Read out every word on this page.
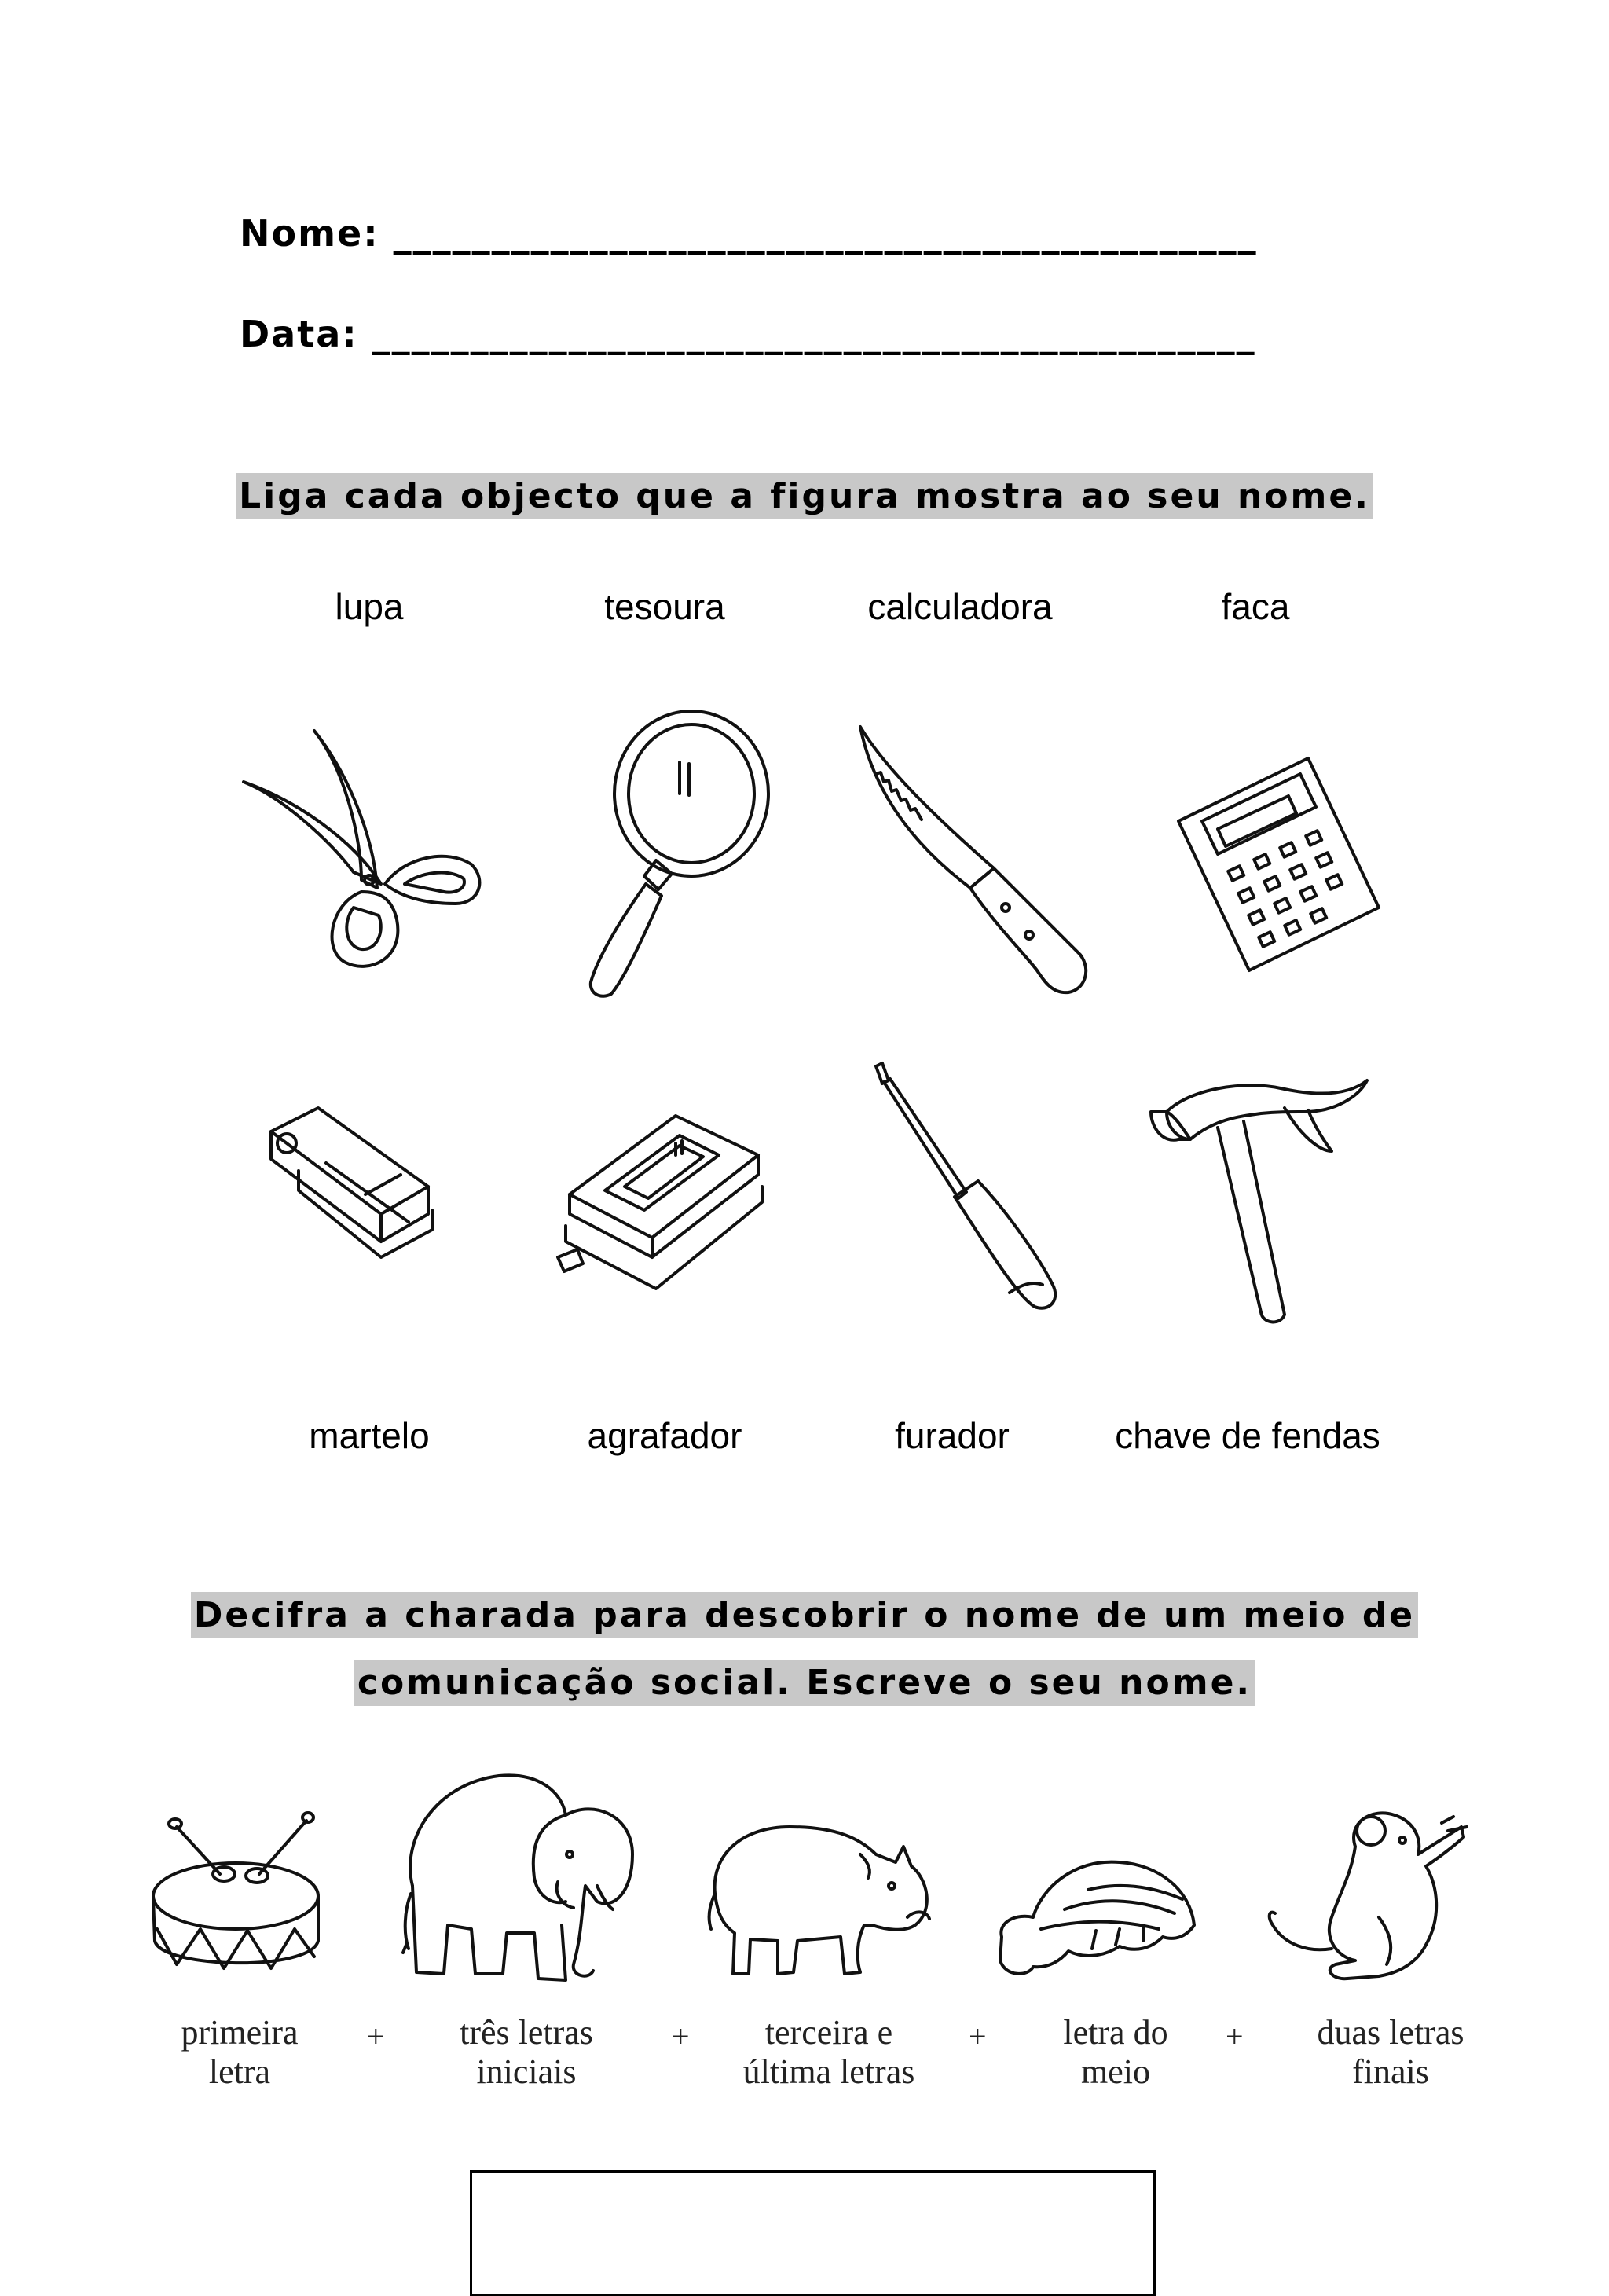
Nome: ____________________________________________
Data: _____________________________________________
Liga cada objecto que a figura mostra ao seu nome.
lupa	tesoura	calculadora	faca
martelo	agrafador	furador	chave de fendas
Decifra a charada para descobrir o nome de um meio de
comunicação social. Escreve o seu nome.
primeira
letra
+	três letras
iniciais
+	terceira e
última letras
+	letra do
meio
+	duas letras
finais
